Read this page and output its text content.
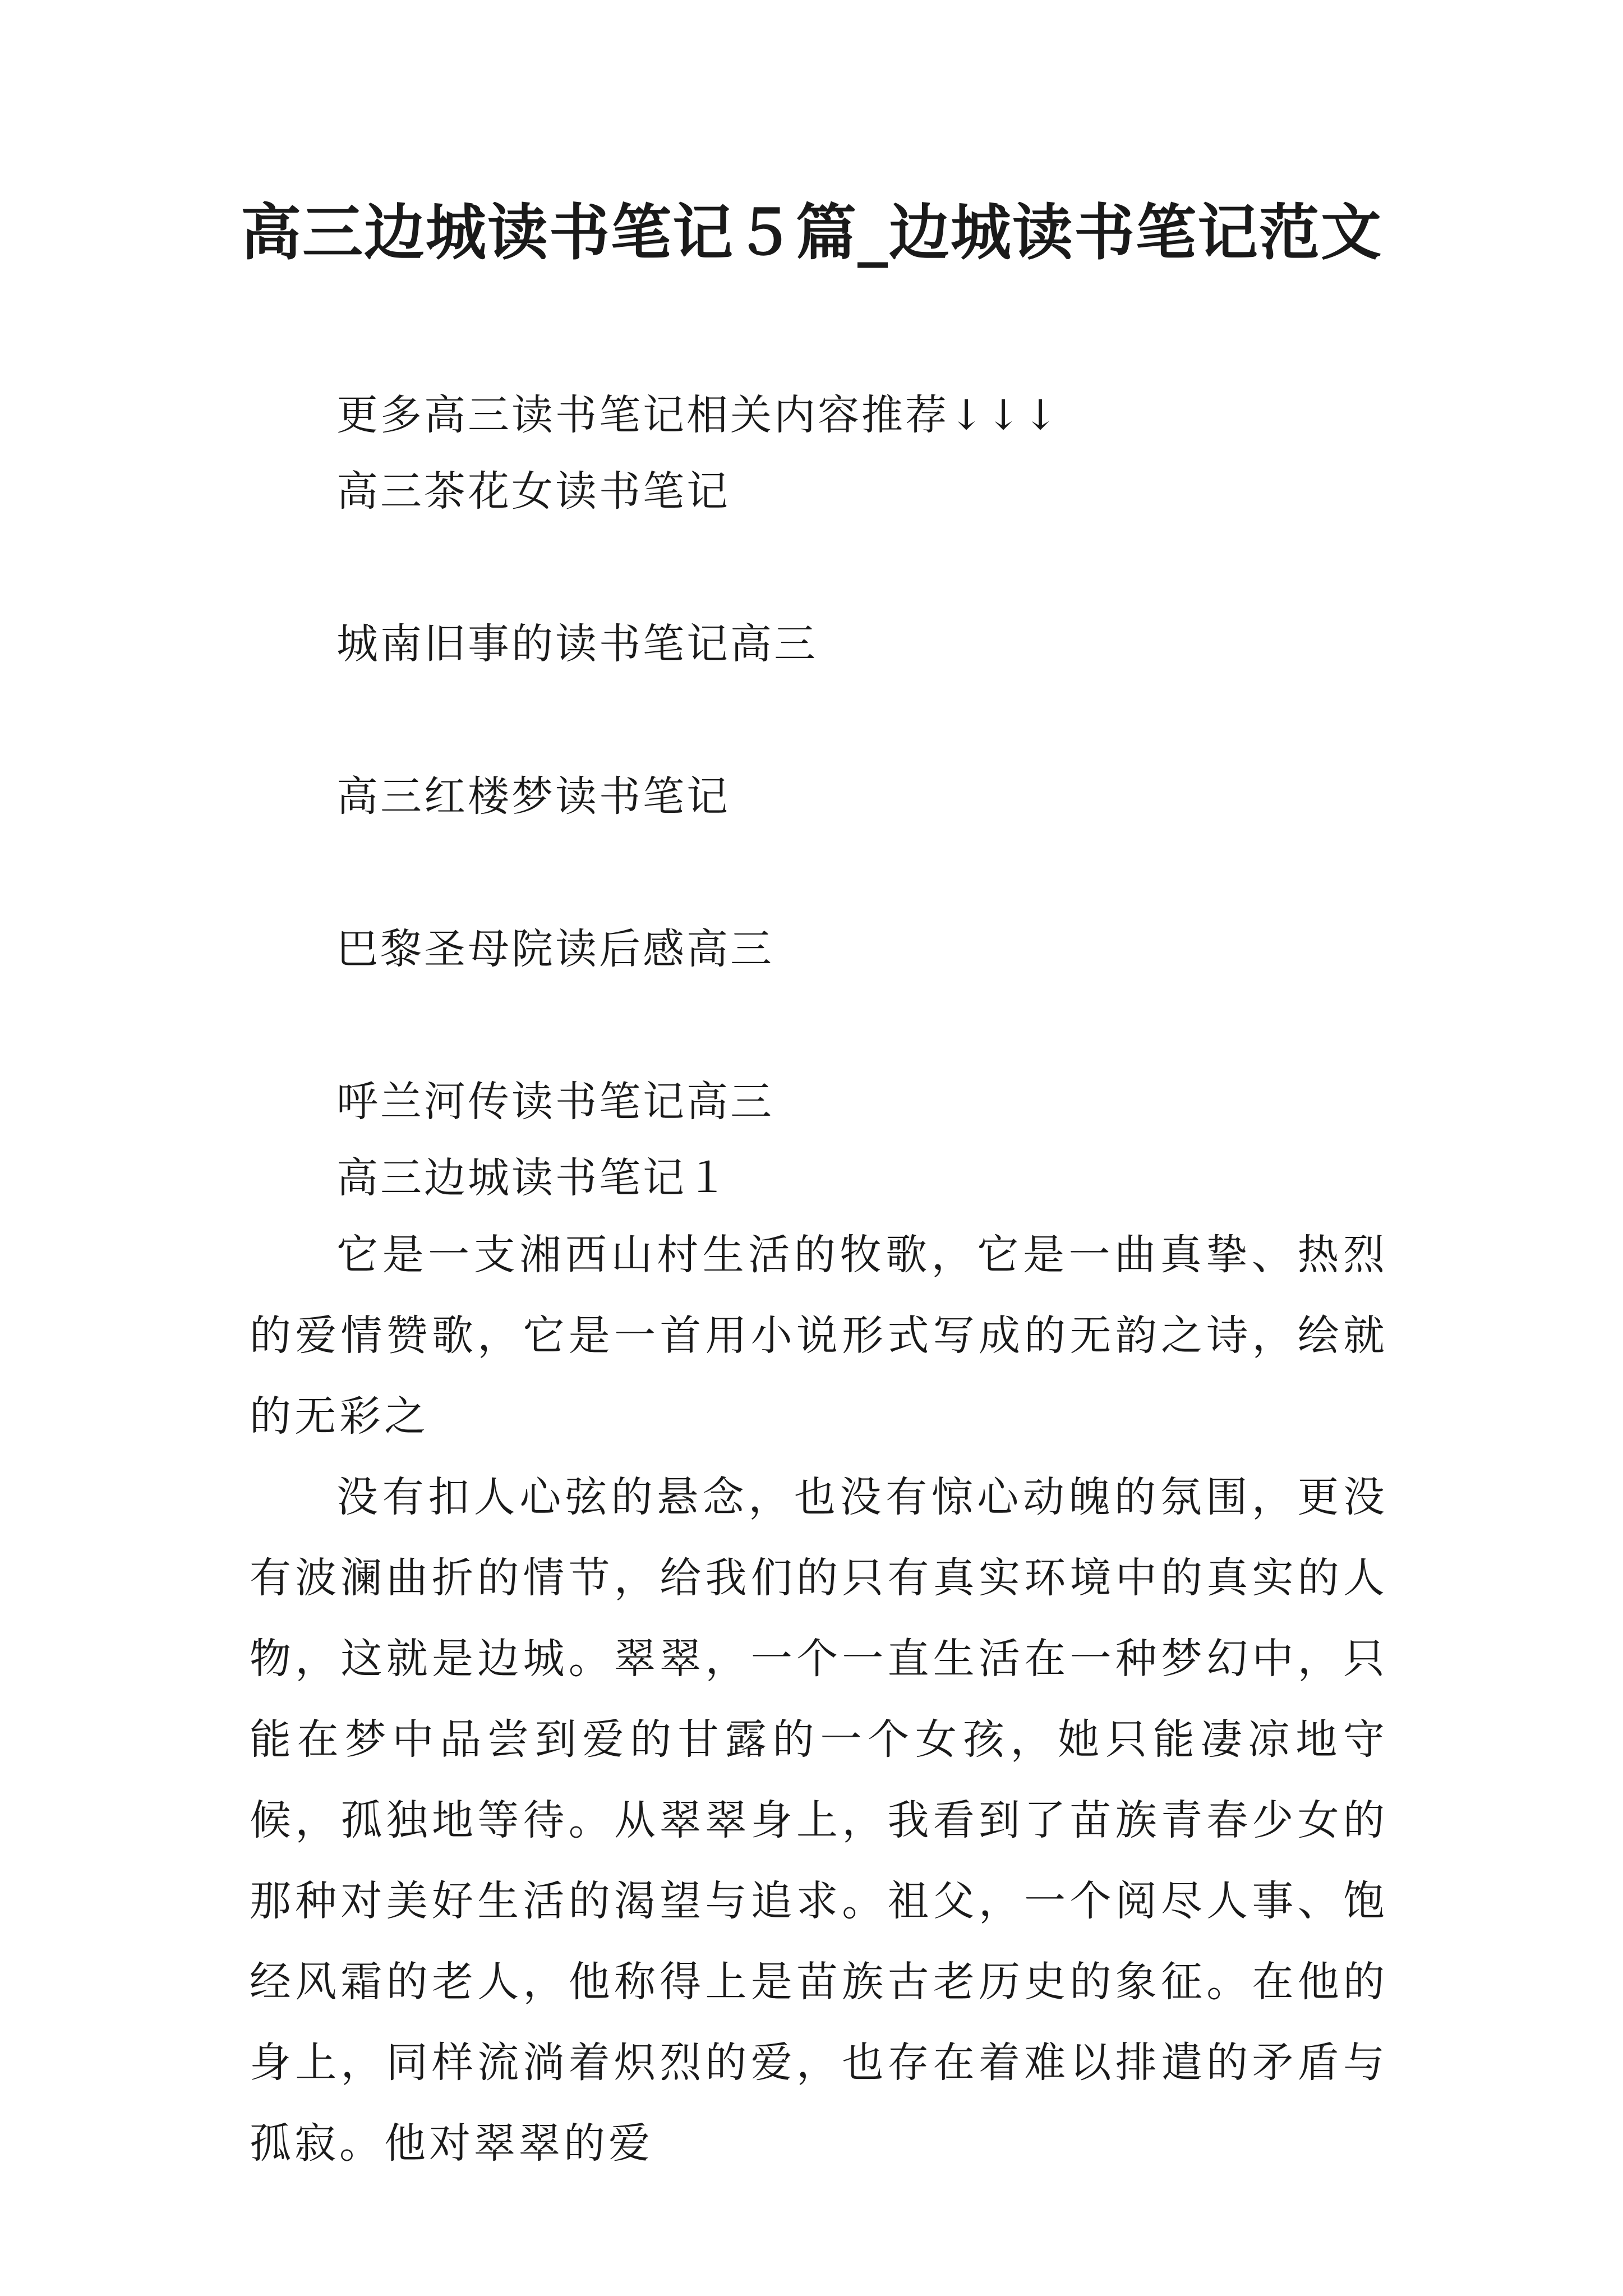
高三边城读书笔记５篇_边城读书笔记范文
更多高三读书笔记相关内容推荐↓↓↓
高三茶花女读书笔记
城南旧事的读书笔记高三
高三红楼梦读书笔记
巴黎圣母院读后感高三
呼兰河传读书笔记高三
高三边城读书笔记１

它是一支湘西山村生活的牧歌，它是一曲真挚、热烈的爱情赞歌，它是一首用小说形式写成的无韵之诗，绘就的无彩之

没有扣人心弦的悬念，也没有惊心动魄的氛围，更没有波澜曲折的情节，给我们的只有真实环境中的真实的人物，这就是边城。翠翠，一个一直生活在一种梦幻中，只能在梦中品尝到爱的甘露的一个女孩，她只能凄凉地守候，孤独地等待。从翠翠身上，我看到了苗族青春少女的那种对美好生活的渴望与追求。祖父，一个阅尽人事、饱经风霜的老人，他称得上是苗族古老历史的象征。在他的身上，同样流淌着炽烈的爱，也存在着难以排遣的矛盾与孤寂。他对翠翠的爱
